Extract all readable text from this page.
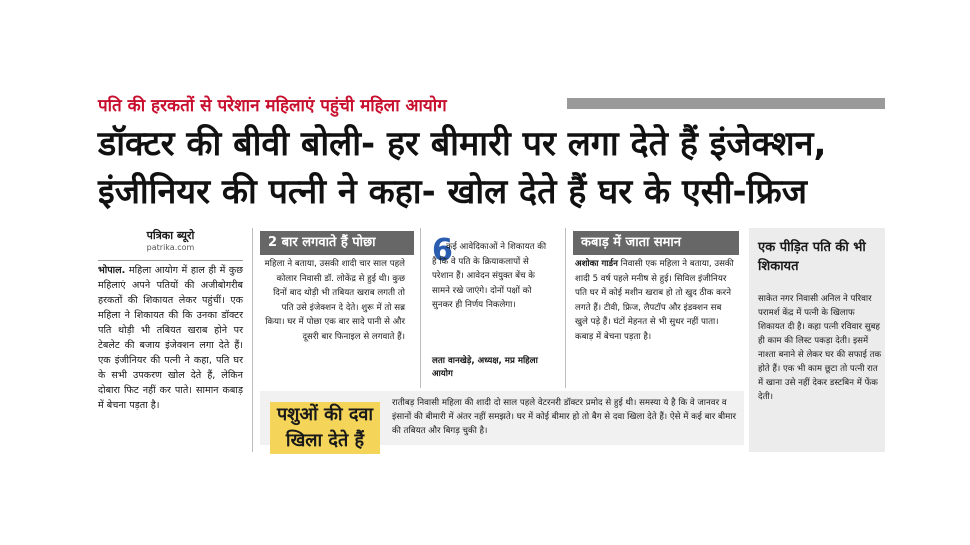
पति की हरकतों से परेशान महिलाएं पहुंची महिला आयोग
डॉक्टर की बीवी बोली- हर बीमारी पर लगा देते हैं इंजेक्शन,
इंजीनियर की पत्नी ने कहा- खोल देते हैं घर के एसी-फ्रिज
पत्रिका ब्यूरो
patrika.com
भोपाल. महिला आयोग में हाल ही में कुछ महिलाएं अपने पतियों की अजीबोगरीब हरकतों की शिकायत लेकर पहुंचीं। एक महिला ने शिकायत की कि उनका डॉक्टर पति थोड़ी भी तबियत खराब होने पर टेबलेट की बजाय इंजेक्शन लगा देते हैं। एक इंजीनियर की पत्नी ने कहा, पति घर के सभी उपकरण खोल देते हैं, लेकिन दोबारा फिट नहीं कर पाते। सामान कबाड़ में बेचना पड़ता है।
2 बार लगवाते हैं पोछा
महिला ने बताया, उसकी शादी चार साल पहले कोलार निवासी डॉ. लोकेंद्र से हुई थी। कुछ दिनों बाद थोड़ी भी तबियत खराब लगती तो पति उसे इंजेक्शन दे देते। शुरू में तो सब्र किया। घर में पोछा एक बार सादे पानी से और दूसरी बार फिनाइल से लगवाते हैं।
6
कई आवेदिकाओं ने शिकायत की है कि वे पति के क्रियाकलापों से परेशान हैं। आवेदन संयुक्त बेंच के सामने रखे जाएंगे। दोनों पक्षों को सुनकर ही निर्णय निकलेगा।
लता वानखेड़े, अध्यक्ष, मप्र महिला आयोग
कबाड़ में जाता समान
अशोका गार्डन निवासी एक महिला ने बताया, उसकी शादी 5 वर्ष पहले मनीष से हुई। सिविल इंजीनियर पति घर में कोई मशीन खराब हो तो खुद ठीक करने लगते हैं। टीवी, फ्रिज, लैपटॉप और इंडक्शन सब खुले पड़े हैं। घंटों मेहनत से भी सुधर नहीं पाता। कबाड़ में बेचना पड़ता है।
एक पीड़ित पति की भी शिकायत
साकेत नगर निवासी अनिल ने परिवार परामर्श केंद्र में पत्नी के खिलाफ शिकायत दी है। कहा पत्नी रविवार सुबह ही काम की लिस्ट पकड़ा देती। इसमें नाश्ता बनाने से लेकर घर की सफाई तक होते हैं। एक भी काम छूटा तो पत्नी रात में खाना उसे नहीं देकर डस्टबिन में फेंक देती।
पशुओं की दवा खिला देते हैं
रातीबड़ निवासी महिला की शादी दो साल पहले वेटरनरी डॉक्टर प्रमोद से हुई थी। समस्या ये है कि वे जानवर व इंसानों की बीमारी में अंतर नहीं समझते। घर में कोई बीमार हो तो बैग से दवा खिला देते हैं। ऐसे में कई बार बीमार की तबियत और बिगड़ चुकी है।
